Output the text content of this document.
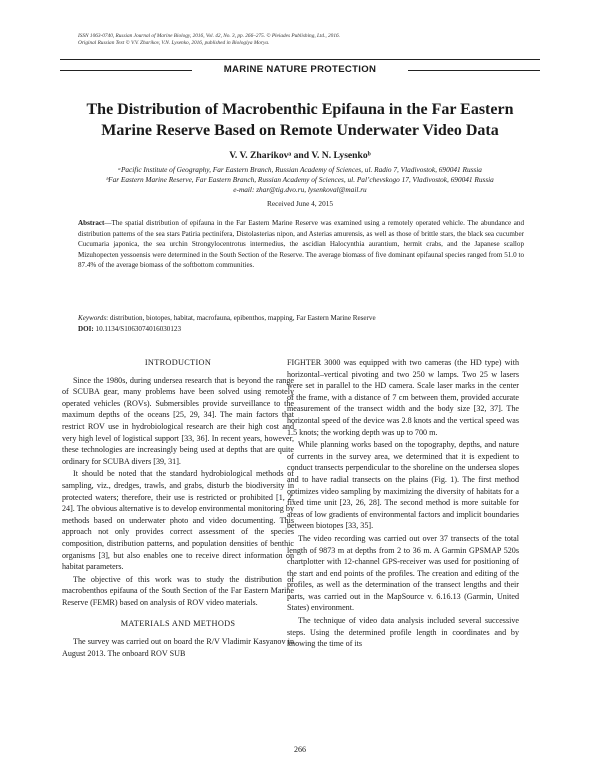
ISSN 1063-0740, Russian Journal of Marine Biology, 2016, Vol. 42, No. 3, pp. 266–275. © Pleiades Publishing, Ltd., 2016.
Original Russian Text © V.V. Zharikov, V.N. Lysenko, 2016, published in Biologiya Morya.
MARINE NATURE PROTECTION
The Distribution of Macrobenthic Epifauna in the Far Eastern Marine Reserve Based on Remote Underwater Video Data
V. V. Zharikovᵃ and V. N. Lysenkoᵇ
ᵃPacific Institute of Geography, Far Eastern Branch, Russian Academy of Sciences, ul. Radio 7, Vladivostok, 690041 Russia
ᵇFar Eastern Marine Reserve, Far Eastern Branch, Russian Academy of Sciences, ul. Pal’chevskogo 17, Vladivostok, 690041 Russia
e-mail: zhar@tig.dvo.ru, lysenkoval@mail.ru
Received June 4, 2015
Abstract—The spatial distribution of epifauna in the Far Eastern Marine Reserve was examined using a remotely operated vehicle. The abundance and distribution patterns of the sea stars Patiria pectinifera, Distolasterias nipon, and Asterias amurensis, as well as those of brittle stars, the black sea cucumber Cucumaria japonica, the sea urchin Strongylocentrotus intermedius, the ascidian Halocynthia aurantium, hermit crabs, and the Japanese scallop Mizuhopecten yessoensis were determined in the South Section of the Reserve. The average biomass of five dominant epifaunal species ranged from 51.0 to 87.4% of the average biomass of the softbottom communities.
Keywords: distribution, biotopes, habitat, macrofauna, epibenthos, mapping, Far Eastern Marine Reserve
DOI: 10.1134/S1063074016030123
INTRODUCTION

Since the 1980s, during undersea research that is beyond the range of SCUBA gear, many problems have been solved using remotely operated vehicles (ROVs). Submersibles provide surveillance to the maximum depths of the oceans [25, 29, 34]. The main factors that restrict ROV use in hydrobiological research are their high cost and very high level of logistical support [33, 36]. In recent years, however, these technologies are increasingly being used at depths that are quite ordinary for SCUBA divers [39, 31].

It should be noted that the standard hydrobiological methods of sampling, viz., dredges, trawls, and grabs, disturb the biodiversity in protected waters; therefore, their use is restricted or prohibited [1, 2, 24]. The obvious alternative is to develop environmental monitoring by methods based on underwater photo and video documenting. This approach not only provides correct assessment of the species composition, distribution patterns, and population densities of benthic organisms [3], but also enables one to receive direct information on habitat parameters.

The objective of this work was to study the distribution of macrobenthos epifauna of the South Section of the Far Eastern Marine Reserve (FEMR) based on analysis of ROV video materials.

MATERIALS AND METHODS

The survey was carried out on board the R/V Vladimir Kasyanov in August 2013. The onboard ROV SUB

FIGHTER 3000 was equipped with two cameras (the HD type) with horizontal–vertical pivoting and two 250 w lamps. Two 25 w lasers were set in parallel to the HD camera. Scale laser marks in the center of the frame, with a distance of 7 cm between them, provided accurate measurement of the transect width and the body size [32, 37]. The horizontal speed of the device was 2.8 knots and the vertical speed was 1.5 knots; the working depth was up to 700 m.

While planning works based on the topography, depths, and nature of currents in the survey area, we determined that it is expedient to conduct transects perpendicular to the shoreline on the undersea slopes and to have radial transects on the plains (Fig. 1). The first method optimizes video sampling by maximizing the diversity of habitats for a fixed time unit [23, 26, 28]. The second method is more suitable for areas of low gradients of environmental factors and implicit boundaries between biotopes [33, 35].

The video recording was carried out over 37 transects of the total length of 9873 m at depths from 2 to 36 m. A Garmin GPSMAP 520s chartplotter with 12-channel GPS-receiver was used for positioning of the start and end points of the profiles. The creation and editing of the profiles, as well as the determination of the transect lengths and their parts, was carried out in the MapSource v. 6.16.13 (Garmin, United States) environment.

The technique of video data analysis included several successive steps. Using the determined profile length in coordinates and by knowing the time of its

266
